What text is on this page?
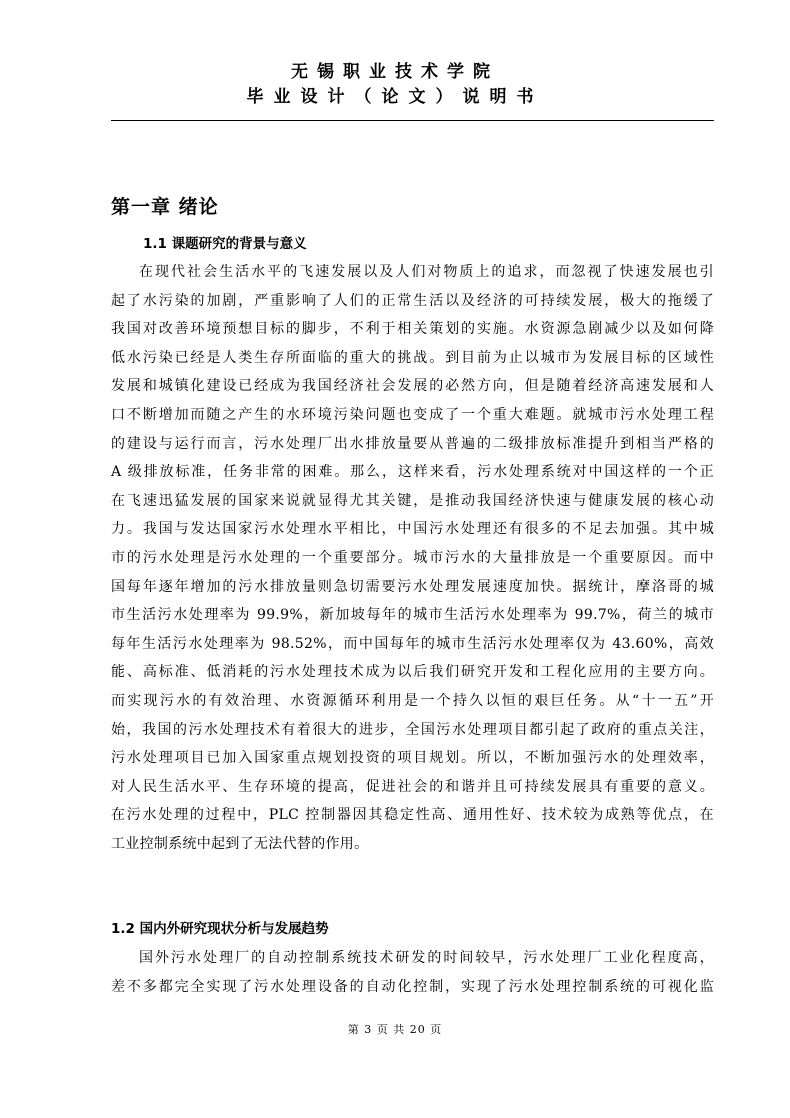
无锡职业技术学院
毕业设计（论文）说明书
第一章 绪论
1.1 课题研究的背景与意义
在现代社会生活水平的飞速发展以及人们对物质上的追求，而忽视了快速发展也引
起了水污染的加剧，严重影响了人们的正常生活以及经济的可持续发展，极大的拖缓了
我国对改善环境预想目标的脚步，不利于相关策划的实施。水资源急剧减少以及如何降
低水污染已经是人类生存所面临的重大的挑战。到目前为止以城市为发展目标的区域性
发展和城镇化建设已经成为我国经济社会发展的必然方向，但是随着经济高速发展和人
口不断增加而随之产生的水环境污染问题也变成了一个重大难题。就城市污水处理工程
的建设与运行而言，污水处理厂出水排放量要从普遍的二级排放标准提升到相当严格的
A 级排放标准，任务非常的困难。那么，这样来看，污水处理系统对中国这样的一个正
在飞速迅猛发展的国家来说就显得尤其关键，是推动我国经济快速与健康发展的核心动
力。我国与发达国家污水处理水平相比，中国污水处理还有很多的不足去加强。其中城
市的污水处理是污水处理的一个重要部分。城市污水的大量排放是一个重要原因。而中
国每年逐年增加的污水排放量则急切需要污水处理发展速度加快。据统计，摩洛哥的城
市生活污水处理率为 99.9%，新加坡每年的城市生活污水处理率为 99.7%，荷兰的城市
每年生活污水处理率为 98.52%，而中国每年的城市生活污水处理率仅为 43.60%，高效
能、高标准、低消耗的污水处理技术成为以后我们研究开发和工程化应用的主要方向。
而实现污水的有效治理、水资源循环利用是一个持久以恒的艰巨任务。从“十一五”开
始，我国的污水处理技术有着很大的进步，全国污水处理项目都引起了政府的重点关注，
污水处理项目已加入国家重点规划投资的项目规划。所以，不断加强污水的处理效率，
对人民生活水平、生存环境的提高，促进社会的和谐并且可持续发展具有重要的意义。
在污水处理的过程中，PLC 控制器因其稳定性高、通用性好、技术较为成熟等优点，在
工业控制系统中起到了无法代替的作用。
1.2 国内外研究现状分析与发展趋势
国外污水处理厂的自动控制系统技术研发的时间较早，污水处理厂工业化程度高，
差不多都完全实现了污水处理设备的自动化控制，实现了污水处理控制系统的可视化监
第 3 页 共 20 页
